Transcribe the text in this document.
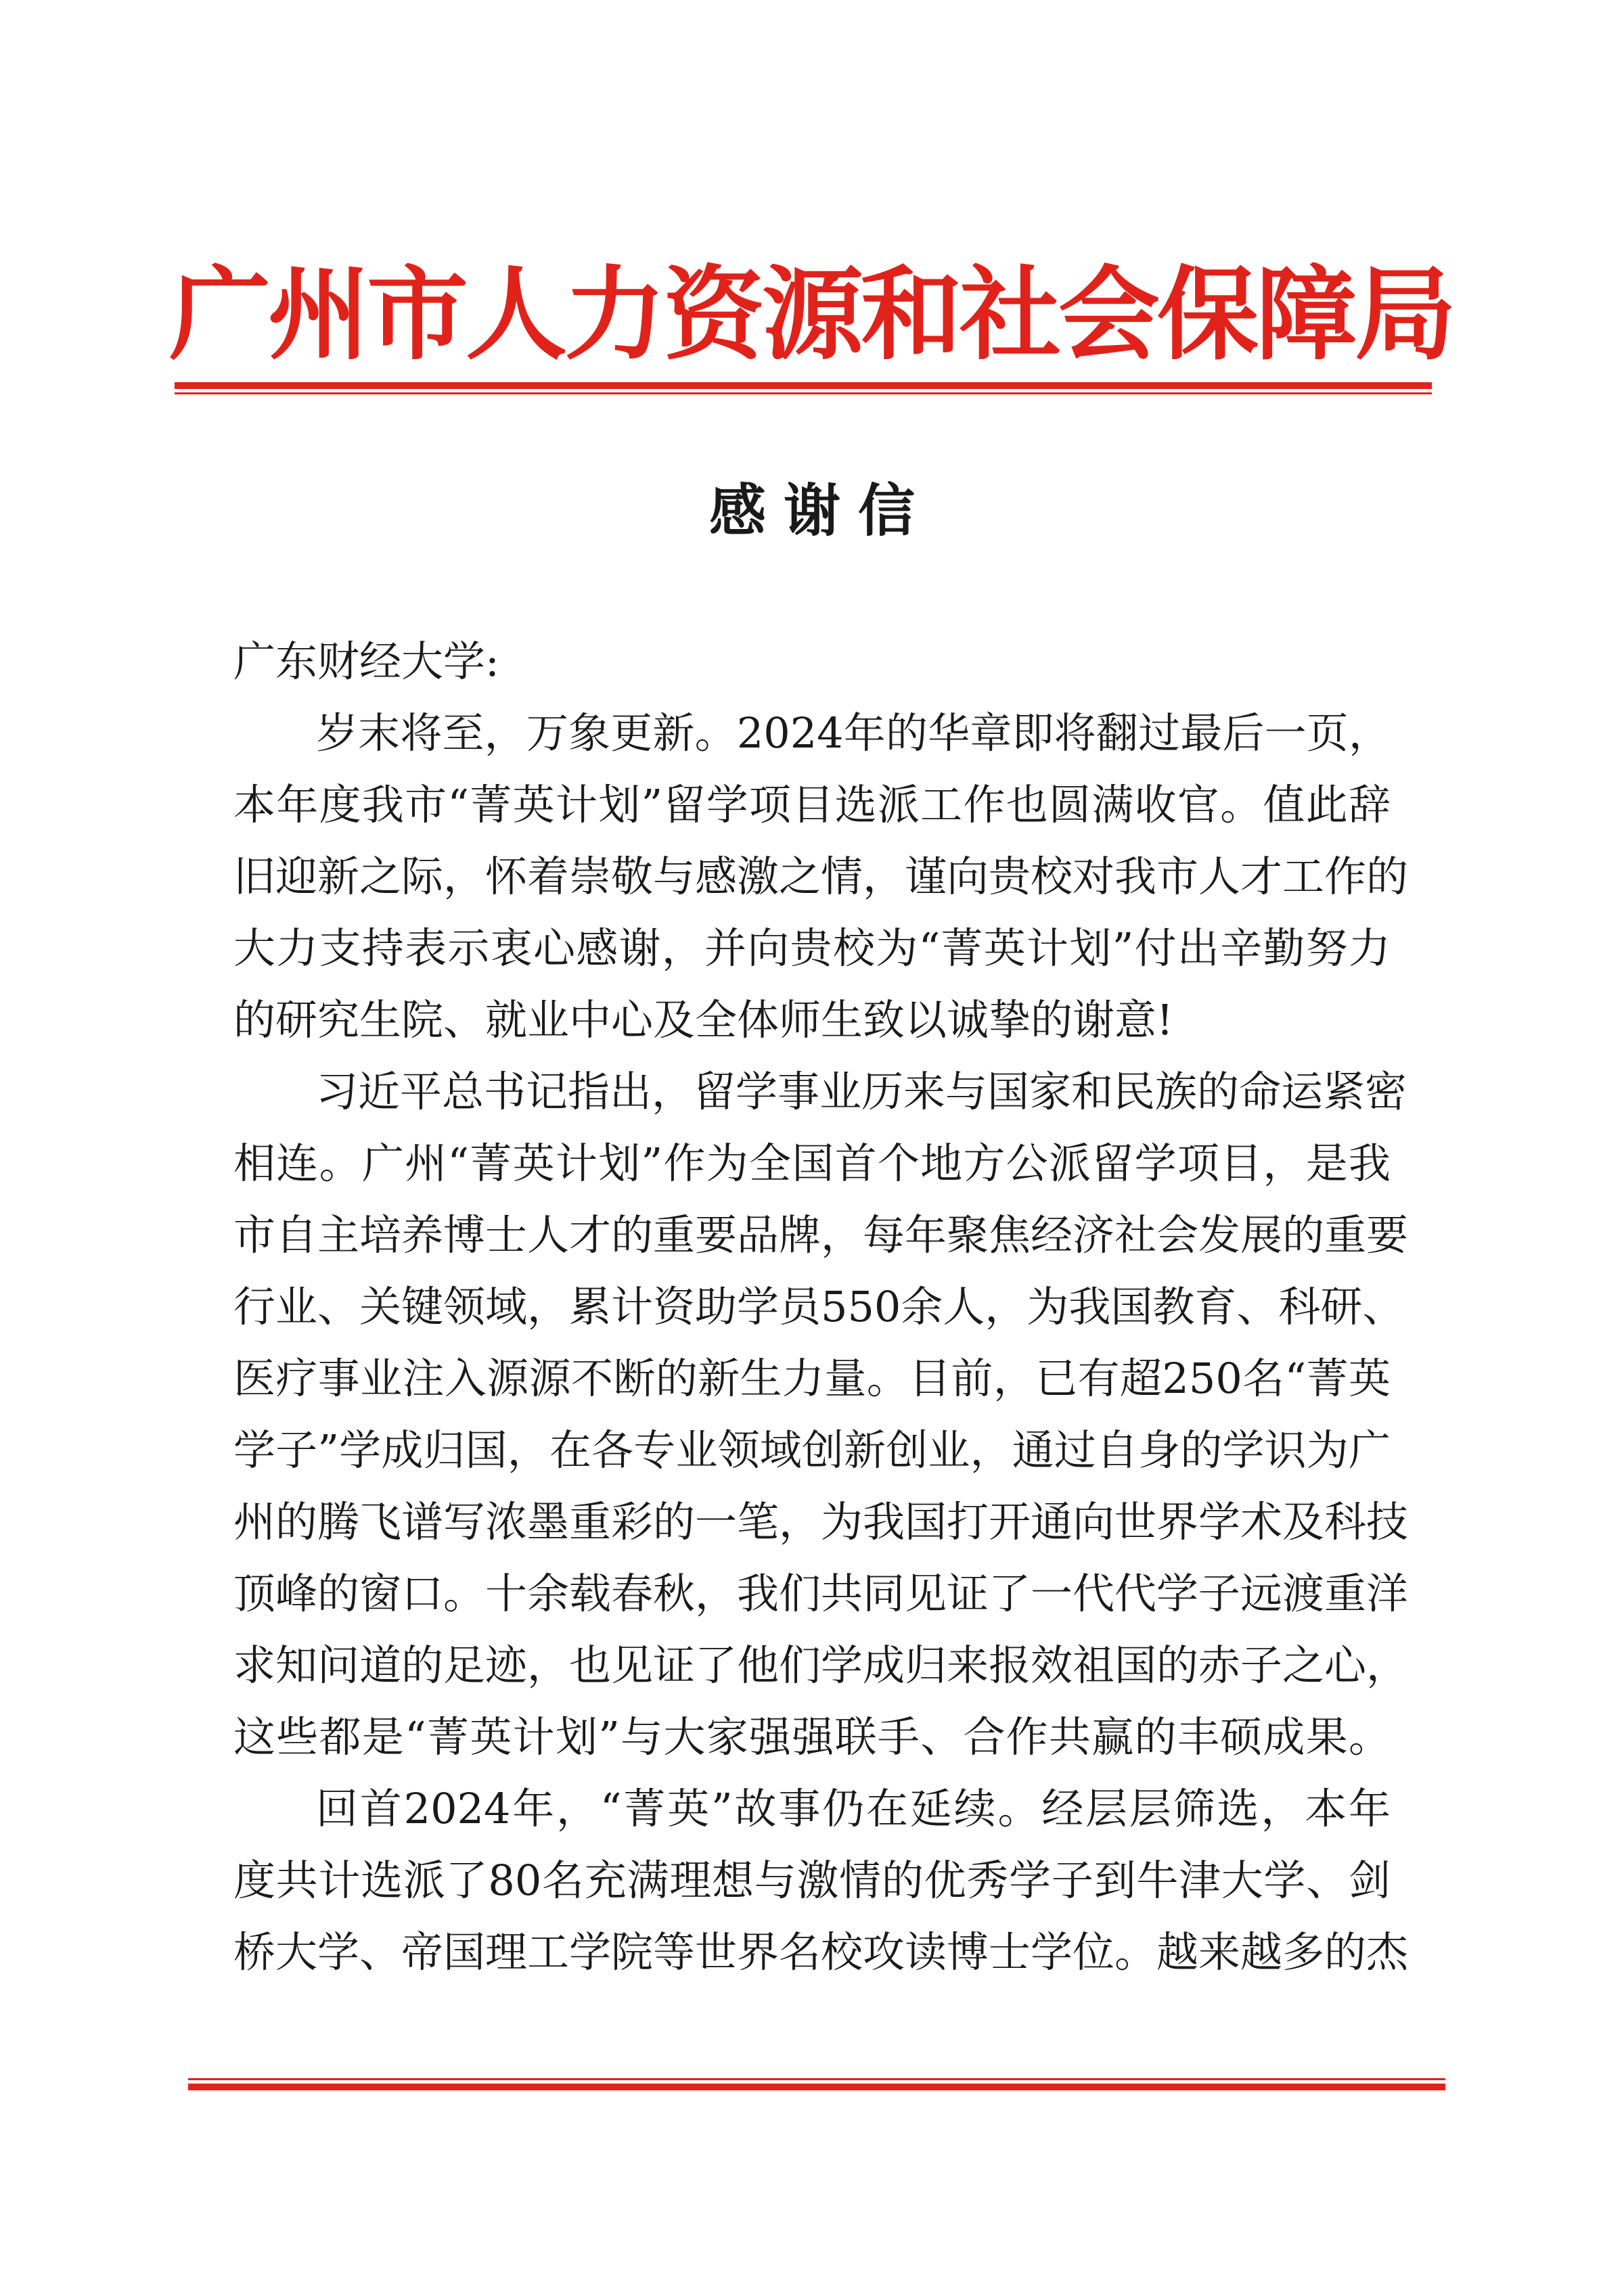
广州市人力资源和社会保障局
感谢信
广东财经大学:
岁末将至，万象更新。2024年的华章即将翻过最后一页，
本年度我市“菁英计划”留学项目选派工作也圆满收官。值此辞
旧迎新之际，怀着崇敬与感激之情，谨向贵校对我市人才工作的
大力支持表示衷心感谢，并向贵校为“菁英计划”付出辛勤努力
的研究生院、就业中心及全体师生致以诚挚的谢意!
习近平总书记指出，留学事业历来与国家和民族的命运紧密
相连。广州“菁英计划”作为全国首个地方公派留学项目，是我
市自主培养博士人才的重要品牌，每年聚焦经济社会发展的重要
行业、关键领域，累计资助学员550余人，为我国教育、科研、
医疗事业注入源源不断的新生力量。目前，已有超250名“菁英
学子”学成归国，在各专业领域创新创业，通过自身的学识为广
州的腾飞谱写浓墨重彩的一笔，为我国打开通向世界学术及科技
顶峰的窗口。十余载春秋，我们共同见证了一代代学子远渡重洋
求知问道的足迹，也见证了他们学成归来报效祖国的赤子之心，
这些都是“菁英计划”与大家强强联手、合作共赢的丰硕成果。
回首2024年，“菁英”故事仍在延续。经层层筛选，本年
度共计选派了80名充满理想与激情的优秀学子到牛津大学、剑
桥大学、帝国理工学院等世界名校攻读博士学位。越来越多的杰
